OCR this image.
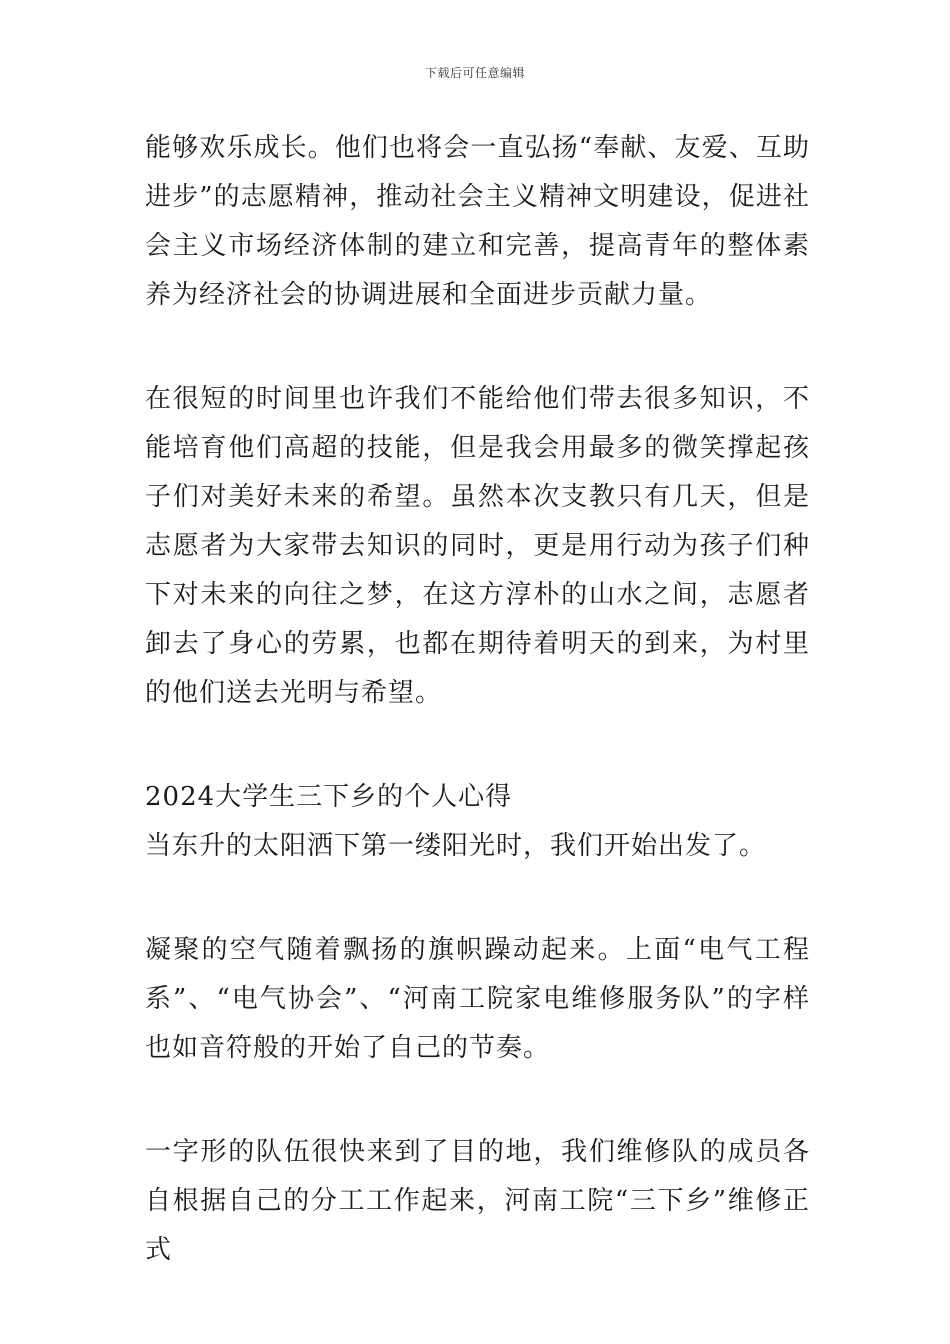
下载后可任意编辑

能够欢乐成长。他们也将会一直弘扬“奉献、友爱、互助进步”的志愿精神，推动社会主义精神文明建设，促进社会主义市场经济体制的建立和完善，提高青年的整体素养为经济社会的协调进展和全面进步贡献力量。

在很短的时间里也许我们不能给他们带去很多知识，不能培育他们高超的技能，但是我会用最多的微笑撑起孩子们对美好未来的希望。虽然本次支教只有几天，但是志愿者为大家带去知识的同时，更是用行动为孩子们种下对未来的向往之梦，在这方淳朴的山水之间，志愿者卸去了身心的劳累，也都在期待着明天的到来，为村里的他们送去光明与希望。

2024大学生三下乡的个人心得

当东升的太阳洒下第一缕阳光时，我们开始出发了。

凝聚的空气随着飘扬的旗帜躁动起来。上面“电气工程系”、“电气协会”、“河南工院家电维修服务队”的字样也如音符般的开始了自己的节奏。

一字形的队伍很快来到了目的地，我们维修队的成员各自根据自己的分工工作起来，河南工院“三下乡”维修正式
